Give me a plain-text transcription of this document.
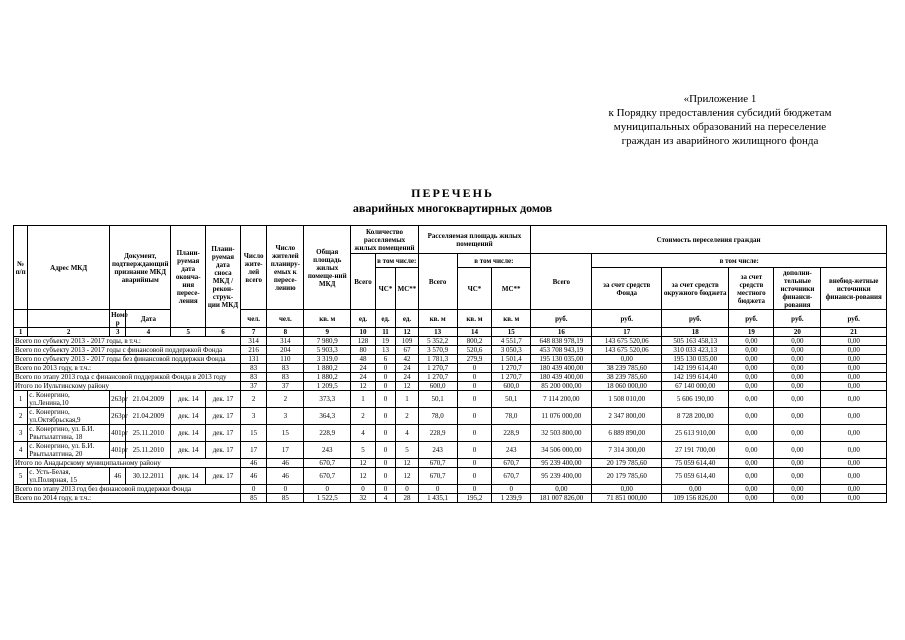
«Приложение 1
к Порядку предоставления субсидий бюджетам
муниципальных образований на переселение
граждан из аварийного жилищного фонда
ПЕРЕЧЕНЬ
аварийных многоквартирных домов
№ п/п	Адрес МКД	Документ, подтверждающий признание МКД аварийным		Плани-руемая дата оконча-ния пересе-ления	Плани-руемая дата сноса МКД / рекон-струк-ции МКД	Число жите-лей всего	Число жителей планиру-емых к пересе-лению	Общая площадь жилых помеще-ний МКД	Количество расселяемых жилых помещений			Расселяемая площадь жилых помещений			Стоимость переселения граждан					
									Всего	в том числе:		Всего	в том числе:		Всего	в том числе:				
										ЧС*	МС**		ЧС*	МС**		за счет средств Фонда	за счет средств окружного бюджета	за счет средств местного бюджета	дополни-тельные источники финанси-рования	внебюд-жетные источники финанси-рования

		Номе р	Дата			чел.	чел.	кв. м	ед.	ед.	ед.	кв. м	кв. м	кв. м	руб.	руб.	руб.	руб.	руб.	руб.
1	2	3	4	5	6	7	8	9	10	11	12	13	14	15	16	17	18	19	20	21
Всего по субъекту 2013 - 2017 годы, в т.ч.:						314	314	7 980,9	128	19	109	5 352,2	800,2	4 551,7	648 838 978,19	143 675 520,06	505 163 458,13	0,00	0,00	0,00
Всего по субъекту 2013 - 2017 годы с финансовой поддержкой Фонда						216	204	5 903,3	80	13	67	3 570,9	520,6	3 050,3	453 708 943,19	143 675 520,06	310 033 423,13	0,00	0,00	0,00
Всего по субъекту 2013 - 2017 годы без финансовой поддержки Фонда						131	110	3 319,0	48	6	42	1 781,3	279,9	1 501,4	195 130 035,00	0,00	195 130 035,00	0,00	0,00	0,00
Всего по 2013 году, в т.ч.:						83	83	1 880,2	24	0	24	1 270,7	0	1 270,7	180 439 400,00	38 239 785,60	142 199 614,40	0,00	0,00	0,00
Всего по этапу 2013 года с финансовой поддержкой Фонда в 2013 году						83	83	1 880,2	24	0	24	1 270,7	0	1 270,7	180 439 400,00	38 239 785,60	142 199 614,40	0,00	0,00	0,00
Итого по Иультинскому району						37	37	1 209,5	12	0	12	600,0	0	600,0	85 200 000,00	18 060 000,00	67 140 000,00	0,00	0,00	0,00
1	с. Конергино, ул.Ленина,10	263рг	21.04.2009	дек. 14	дек. 17	2	2	373,3	1	0	1	50,1	0	50,1	7 114 200,00	1 508 010,00	5 606 190,00	0,00	0,00	0,00
2	с. Конергино, ул.Октябрьская,9	263рг	21.04.2009	дек. 14	дек. 17	3	3	364,3	2	0	2	78,0	0	78,0	11 076 000,00	2 347 800,00	8 728 200,00	0,00	0,00	0,00
3	с. Конергино, ул. Б.И. Рвытылатгина, 18	401рг	25.11.2010	дек. 14	дек. 17	15	15	228,9	4	0	4	228,9	0	228,9	32 503 800,00	6 889 890,00	25 613 910,00	0,00	0,00	0,00
4	с. Конергино, ул. Б.И. Рвытылатгина, 20	401рг	25.11.2010	дек. 14	дек. 17	17	17	243	5	0	5	243	0	243	34 506 000,00	7 314 300,00	27 191 700,00	0,00	0,00	0,00
Итого по Анадырскому муниципальному району						46	46	670,7	12	0	12	670,7	0	670,7	95 239 400,00	20 179 785,60	75 059 614,40	0,00	0,00	0,00
5	с. Усть-Белая, ул.Полярная, 15	46	30.12.2011	дек. 14	дек. 17	46	46	670,7	12	0	12	670,7	0	670,7	95 239 400,00	20 179 785,60	75 059 614,40	0,00	0,00	0,00
Всего по этапу 2013 год без финансовой поддержки Фонда						0	0	0	0	0	0	0	0	0	0,00	0,00	0,00	0,00	0,00	0,00
Всего по 2014 году, в т.ч.:						85	85	1 522,5	32	4	28	1 435,1	195,2	1 239,9	181 007 826,00	71 851 000,00	109 156 826,00	0,00	0,00	0,00
